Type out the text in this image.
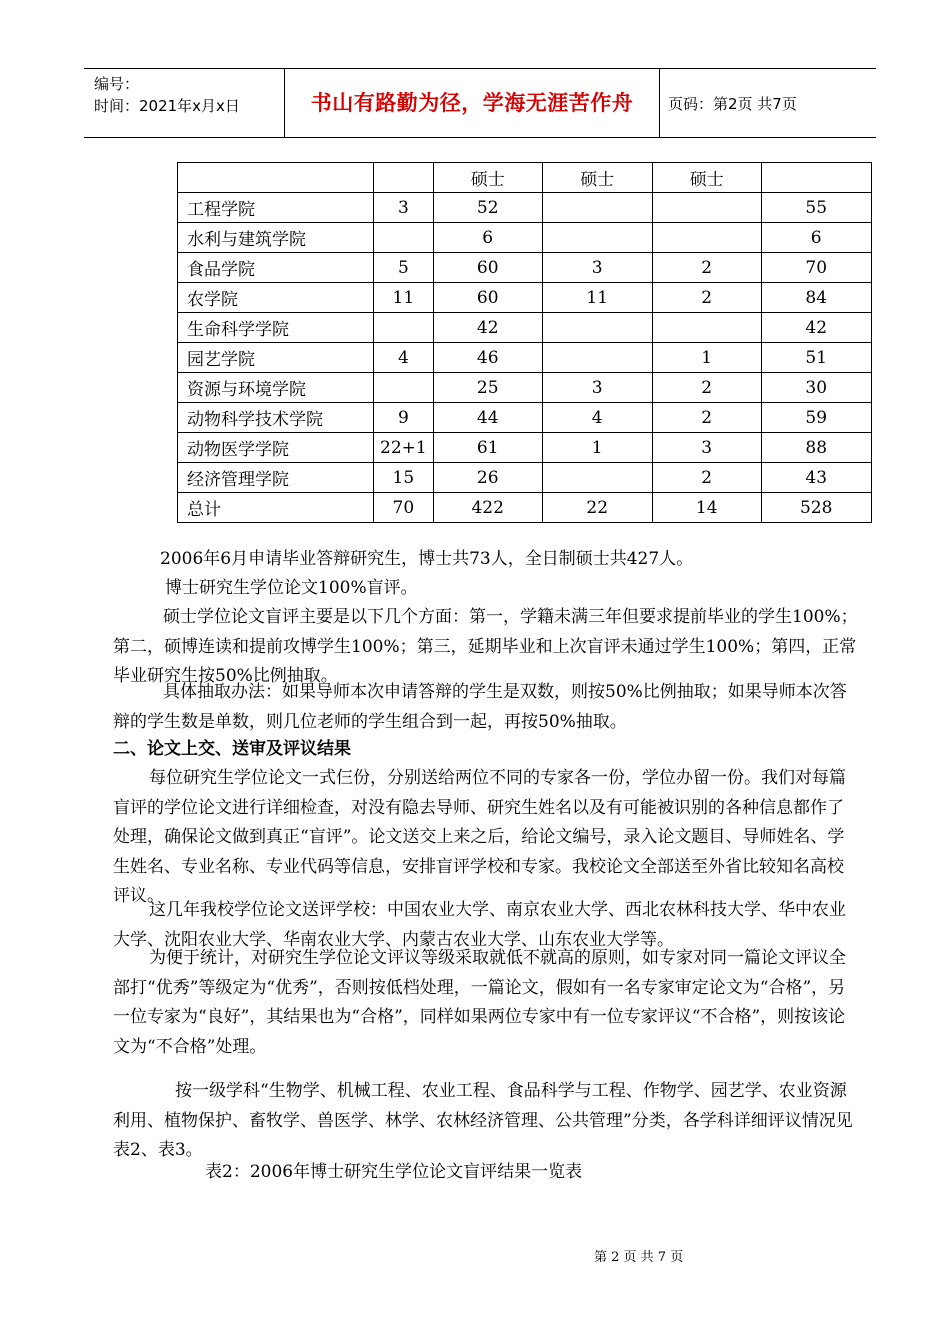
编号：
时间：2021年x月x日	书山有路勤为径，学海无涯苦作舟	页码：第2页 共7页
		硕士	硕士	硕士	
工程学院	3	52			55
水利与建筑学院		6			6
食品学院	5	60	3	2	70
农学院	11	60	11	2	84
生命科学学院		42			42
园艺学院	4	46		1	51
资源与环境学院		25	3	2	30
动物科学技术学院	9	44	4	2	59
动物医学学院	22+1	61	1	3	88
经济管理学院	15	26		2	43
总计	70	422	22	14	528
2006年6月申请毕业答辩研究生，博士共73人，全日制硕士共427人。
博士研究生学位论文100%盲评。
硕士学位论文盲评主要是以下几个方面：第一，学籍未满三年但要求提前毕业的学生100%；第二，硕博连读和提前攻博学生100%；第三，延期毕业和上次盲评未通过学生100%；第四，正常毕业研究生按50%比例抽取。
具体抽取办法：如果导师本次申请答辩的学生是双数，则按50%比例抽取；如果导师本次答辩的学生数是单数，则几位老师的学生组合到一起，再按50%抽取。
二、论文上交、送审及评议结果
每位研究生学位论文一式仨份，分别送给两位不同的专家各一份，学位办留一份。我们对每篇盲评的学位论文进行详细检查，对没有隐去导师、研究生姓名以及有可能被识别的各种信息都作了处理，确保论文做到真正“盲评”。论文送交上来之后，给论文编号，录入论文题目、导师姓名、学生姓名、专业名称、专业代码等信息，安排盲评学校和专家。我校论文全部送至外省比较知名高校评议。
这几年我校学位论文送评学校：中国农业大学、南京农业大学、西北农林科技大学、华中农业大学、沈阳农业大学、华南农业大学、内蒙古农业大学、山东农业大学等。
为便于统计，对研究生学位论文评议等级采取就低不就高的原则，如专家对同一篇论文评议全部打“优秀”等级定为“优秀”，否则按低档处理，一篇论文，假如有一名专家审定论文为“合格”，另一位专家为“良好”，其结果也为“合格”，同样如果两位专家中有一位专家评议“不合格”，则按该论文为“不合格”处理。
按一级学科“生物学、机械工程、农业工程、食品科学与工程、作物学、园艺学、农业资源利用、植物保护、畜牧学、兽医学、林学、农林经济管理、公共管理”分类，各学科详细评议情况见表2、表3。
表2：2006年博士研究生学位论文盲评结果一览表
第 2 页 共 7 页
